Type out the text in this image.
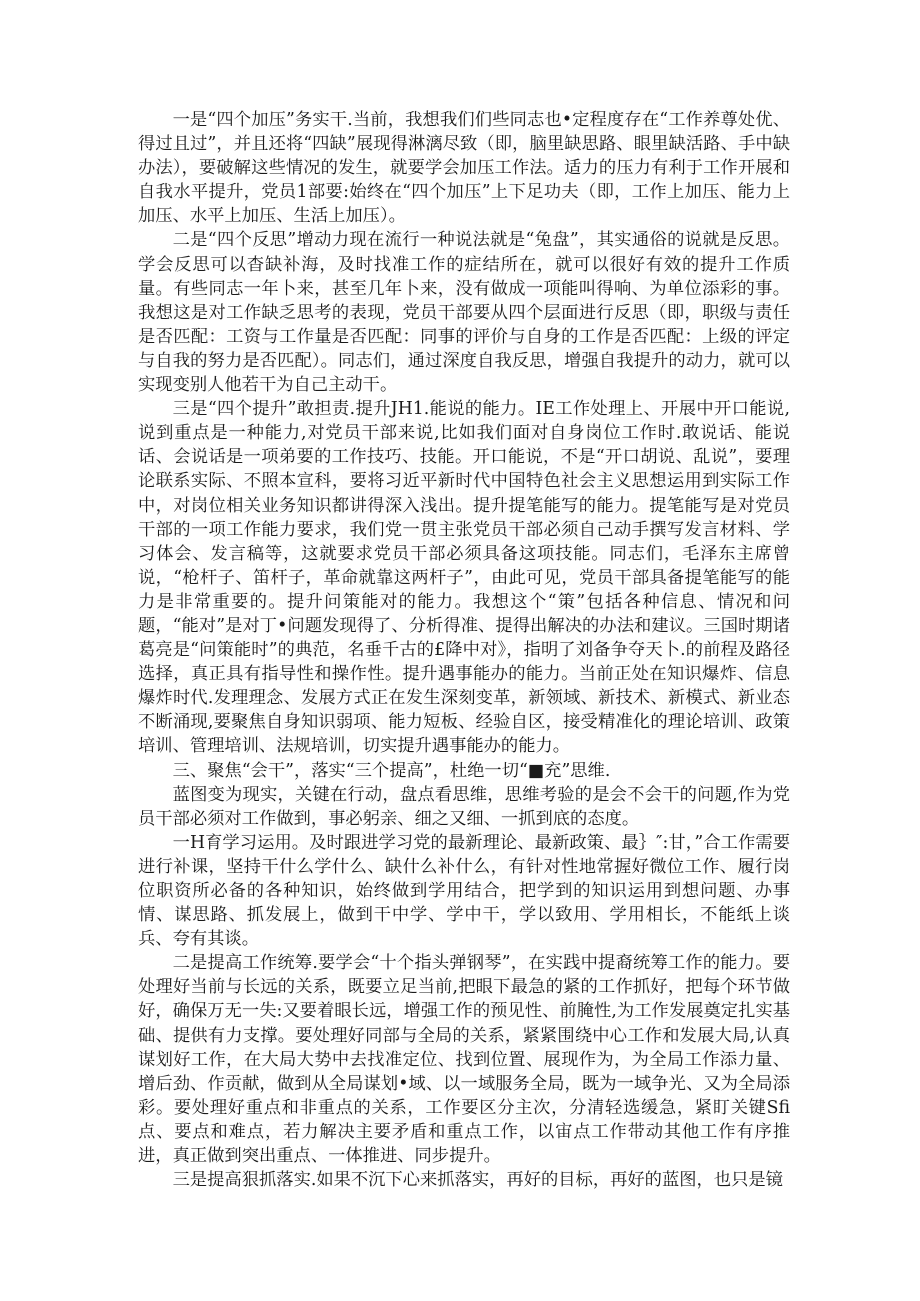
一是“四个加压”务实干.当前，我想我们们些同志也•定程度存在“工作养尊处优、得过且过”，并且还将“四缺”展现得淋漓尽致（即，脑里缺思路、眼里缺活路、手中缺办法），要破解这些情况的发生，就要学会加压工作法。适力的压力有利于工作开展和自我水平提升，党员1部要:始终在“四个加压”上下足功夫（即，工作上加压、能力上加压、水平上加压、生活上加压）。

二是“四个反思”增动力现在流行一种说法就是“兔盘”，其实通俗的说就是反思。学会反思可以杳缺补海，及时找准工作的症结所在，就可以很好有效的提升工作质量。有些同志一年卜来，甚至几年卜来，没有做成一项能叫得响、为单位添彩的事。我想这是对工作缺乏思考的表现，党员干部要从四个层面进行反思（即，职级与责任是否匹配：工资与工作量是否匹配：同事的评价与自身的工作是否匹配：上级的评定与自我的努力是否匹配）。同志们，通过深度自我反思，增强自我提升的动力，就可以实现变别人他若干为自己主动干。

三是“四个提升”敢担责.提升JH1.能说的能力。IE工作处理上、开展中开口能说,说到重点是一种能力,对党员干部来说,比如我们面对自身岗位工作时.敢说话、能说话、会说话是一项弟要的工作技巧、技能。开口能说，不是“开口胡说、乱说”，要理论联系实际、不照本宣科，要将习近平新时代中国特色社会主义思想运用到实际工作中，对岗位相关业务知识都讲得深入浅出。提升提笔能写的能力。提笔能写是对党员干部的一项工作能力要求，我们党一贯主张党员干部必须自己动手撰写发言材料、学习体会、发言稿等，这就要求党员干部必须具备这项技能。同志们，毛泽东主席曾说，“枪杆子、笛杆子，革命就靠这两杆子”，由此可见，党员干部具备提笔能写的能力是非常重要的。提升问策能对的能力。我想这个“策”包括各种信息、情况和问题，“能对”是对丁•问题发现得了、分析得准、提得出解决的办法和建议。三国时期诸葛亮是“问策能时”的典范，名垂千古的£降中对》，指明了刘备争夺天卜.的前程及路径选择，真正具有指导性和操作性。提升遇事能办的能力。当前正处在知识爆炸、信息爆炸时代.发理理念、发展方式正在发生深刻变革，新领域、新技术、新模式、新业态不断涌现,要聚焦自身知识弱项、能力短板、经验自区，接受精准化的理论培训、政策培训、管理培训、法规培训，切实提升遇事能办的能力。

三、聚焦“会干”，落实“三个提高”，杜绝一切“■充”思维.

蓝图变为现实，关键在行动，盘点看思维，思维考验的是会不会干的问题,作为党员干部必须对工作做到，事必躬亲、细之又细、一抓到底的态度。

一H育学习运用。及时跟进学习党的最新理论、最新政策、最｝″:甘，”合工作需要进行补课，坚持干什么学什么、缺什么补什么，有针对性地常握好微位工作、履行岗位职资所必备的各种知识，始终做到学用结合，把学到的知识运用到想问题、办事情、谋思路、抓发展上，做到干中学、学中干，学以致用、学用相长，不能纸上谈兵、夸有其谈。

二是提高工作统筹.要学会“十个指头弹钢琴”，在实践中提裔统筹工作的能力。要处理好当前与长远的关系，既要立足当前,把眼下最急的紧的工作抓好，把每个环节做好，确保万无一失:又要着眼长远，增强工作的预见性、前腌性,为工作发展奠定扎实基础、提供有力支撑。要处理好同部与全局的关系，紧紧围绕中心工作和发展大局,认真谋划好工作，在大局大势中去找准定位、找到位置、展现作为，为全局工作添力量、增后劲、作贡献，做到从全局谋划•域、以一域服务全局，既为一域争光、又为全局添彩。要处理好重点和非重点的关系，工作要区分主次，分清轻选缓急，紧盯关键Sfi点、要点和难点，若力解决主要矛盾和重点工作，以宙点工作带动其他工作有序推进，真正做到突出重点、一体推进、同步提升。

三是提高狠抓落实.如果不沉下心来抓落实，再好的目标，再好的蓝图，也只是镜
